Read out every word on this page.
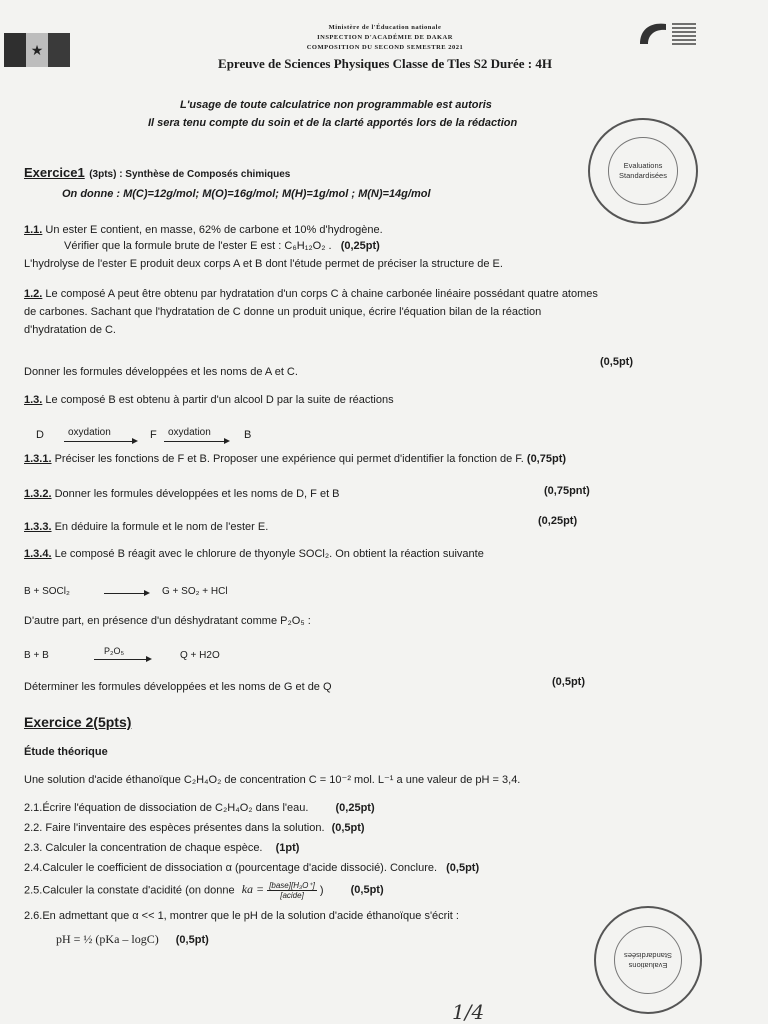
★
Ministère de l'Éducation nationale
INSPECTION D'ACADÉMIE DE DAKAR
COMPOSITION DU SECOND SEMESTRE 2021
Epreuve de Sciences Physiques Classe de Tles S2 Durée : 4H
L'usage de toute calculatrice non programmable est autoris
Il sera tenu compte du soin et de la clarté apportés lors de la rédaction
Evaluations Standardisées
Exercice1 (3pts) : Synthèse de Composés chimiques
On donne : M(C)=12g/mol; M(O)=16g/mol; M(H)=1g/mol ; M(N)=14g/mol
1.1. Un ester E contient, en masse, 62% de carbone et 10% d'hydrogène.
Vérifier que la formule brute de l'ester E est : C₆H₁₂O₂ . (0,25pt)
L'hydrolyse de l'ester E produit deux corps A et B dont l'étude permet de préciser la structure de E.
1.2. Le composé A peut être obtenu par hydratation d'un corps C à chaine carbonée linéaire possédant quatre atomes
de carbones. Sachant que l'hydratation de C donne un produit unique, écrire l'équation bilan de la réaction
d'hydratation de C.
(0,5pt)
Donner les formules développées et les noms de A et C.
1.3. Le composé B est obtenu à partir d'un alcool D par la suite de réactions
D oxydation	F oxydation	B
1.3.1. Préciser les fonctions de F et B. Proposer une expérience qui permet d'identifier la fonction de F. (0,75pt)
1.3.2. Donner les formules développées et les noms de D, F et B	(0,75pnt)
1.3.3. En déduire la formule et le nom de l'ester E.	(0,25pt)
1.3.4. Le composé B réagit avec le chlorure de thyonyle SOCl₂. On obtient la réaction suivante
B + SOCl₂ → G + SO₂ + HCl
D'autre part, en présence d'un déshydratant comme P₂O₅ :
B + B	P₂O₅	Q + H2O
Déterminer les formules développées et les noms de G et de Q	(0,5pt)
Exercice 2(5pts)
Étude théorique
Une solution d'acide éthanoïque C₂H₄O₂ de concentration C = 10⁻² mol. L⁻¹ a une valeur de pH = 3,4.
2.1.Écrire l'équation de dissociation de C₂H₄O₂ dans l'eau. (0,25pt)
2.2. Faire l'inventaire des espèces présentes dans la solution. (0,5pt)
2.3. Calculer la concentration de chaque espèce. (1pt)
2.4.Calculer le coefficient de dissociation α (pourcentage d'acide dissocié). Conclure. (0,5pt)
2.5.Calculer la constate d'acidité (on donne ka = $\frac{\text{[base][H₃O⁺]}}{\text{[acide]}}$ ) (0,5pt)
2.6.En admettant que α << 1, montrer que le pH de la solution d'acide éthanoïque s'écrit :
pH = ½ (pKa – logC) (0,5pt)
Evaluations Standardisées
1/4
